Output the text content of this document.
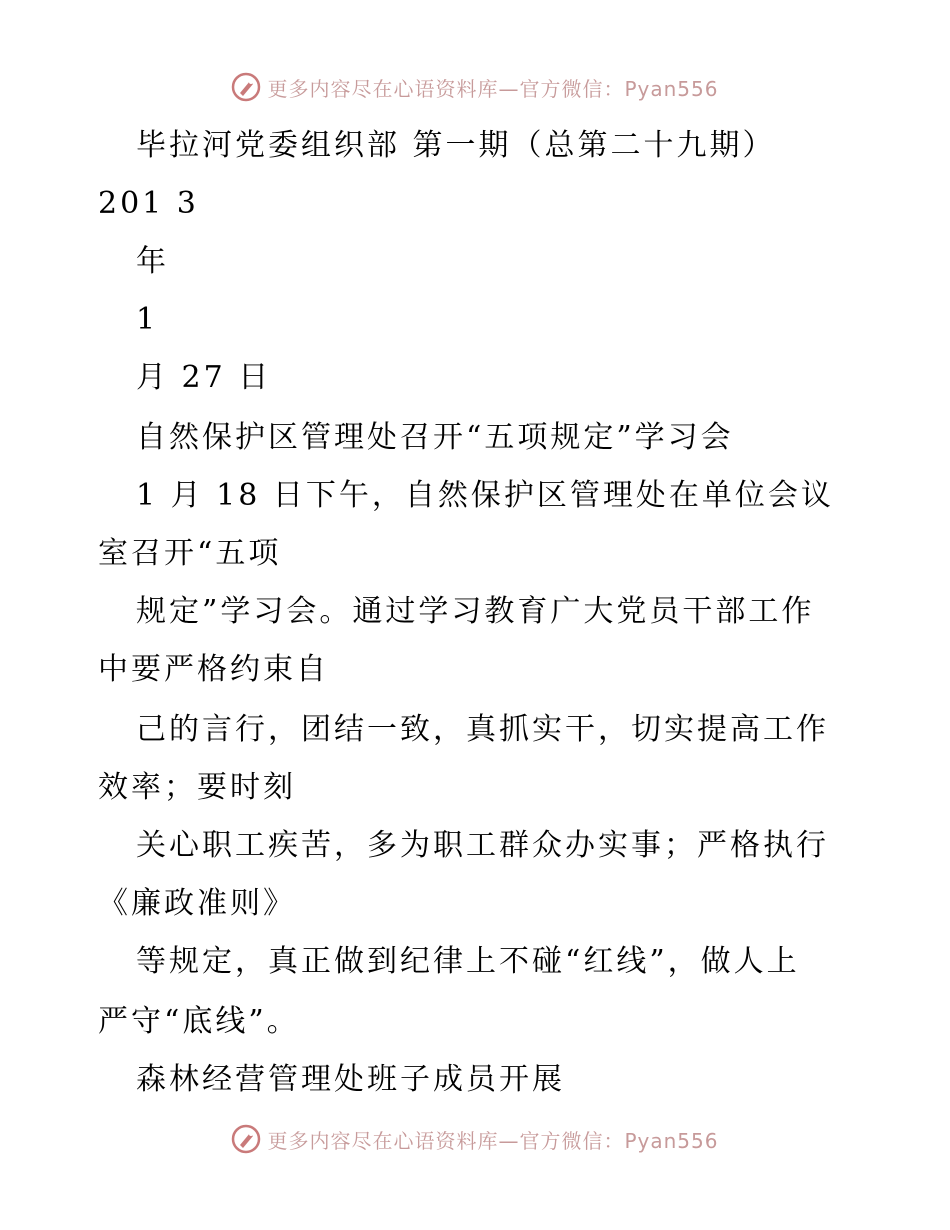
更多内容尽在心语资料库—官方微信：Pyan556
毕拉河党委组织部 第一期（总第二十九期）
201 3
年
1
月 27 日
自然保护区管理处召开“五项规定”学习会
1 月 18 日下午，自然保护区管理处在单位会议
室召开“五项
规定”学习会。通过学习教育广大党员干部工作
中要严格约束自
己的言行，团结一致，真抓实干，切实提高工作
效率；要时刻
关心职工疾苦，多为职工群众办实事；严格执行
《廉政准则》
等规定，真正做到纪律上不碰“红线”，做人上
严守“底线”。
森林经营管理处班子成员开展
更多内容尽在心语资料库—官方微信：Pyan556
